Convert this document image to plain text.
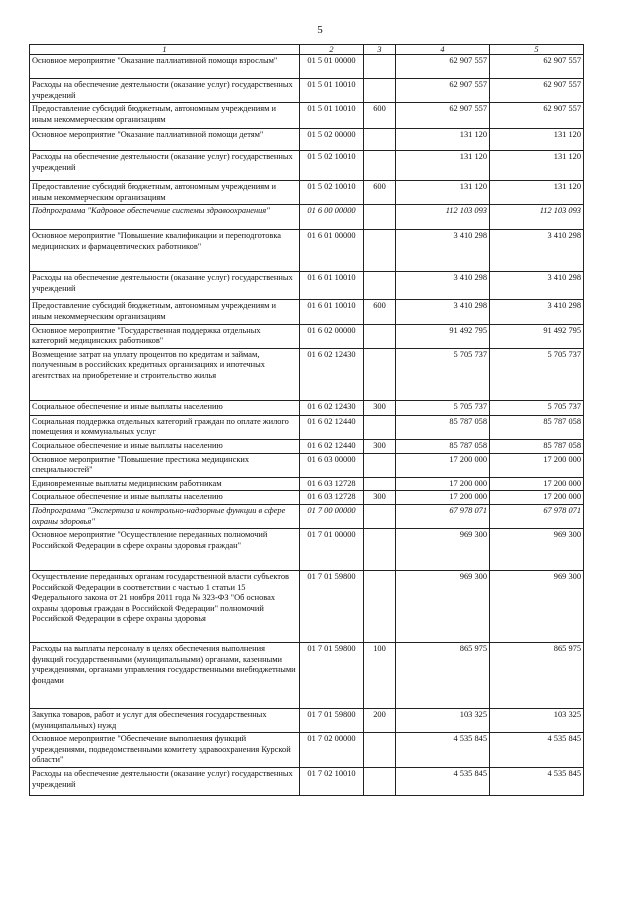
5
1	2	3	4	5
Основное мероприятие "Оказание паллиативной помощи взрослым"	01 5 01 00000		62 907 557	62 907 557
Расходы на обеспечение деятельности (оказание услуг) государственных учреждений	01 5 01 10010		62 907 557	62 907 557
Предоставление субсидий бюджетным, автономным учреждениям и иным некоммерческим организациям	01 5 01 10010	600	62 907 557	62 907 557
Основное мероприятие "Оказание паллиативной помощи детям"	01 5 02 00000		131 120	131 120
Расходы на обеспечение деятельности (оказание услуг) государственных учреждений	01 5 02 10010		131 120	131 120
Предоставление субсидий бюджетным, автономным учреждениям и иным некоммерческим организациям	01 5 02 10010	600	131 120	131 120
Подпрограмма "Кадровое обеспечение системы здравоохранения"	01 6 00 00000		112 103 093	112 103 093
Основное мероприятие "Повышение квалификации и переподготовка медицинских и фармацевтических работников"	01 6 01 00000		3 410 298	3 410 298
Расходы на обеспечение деятельности (оказание услуг) государственных учреждений	01 6 01 10010		3 410 298	3 410 298
Предоставление субсидий бюджетным, автономным учреждениям и иным некоммерческим организациям	01 6 01 10010	600	3 410 298	3 410 298
Основное мероприятие "Государственная поддержка отдельных категорий медицинских работников"	01 6 02 00000		91 492 795	91 492 795
Возмещение затрат на уплату процентов по кредитам и займам, полученным в российских кредитных организациях и ипотечных агентствах на приобретение и строительство жилья	01 6 02 12430		5 705 737	5 705 737
Социальное обеспечение и иные выплаты населению	01 6 02 12430	300	5 705 737	5 705 737
Социальная поддержка отдельных категорий граждан по оплате жилого помещения и коммунальных услуг	01 6 02 12440		85 787 058	85 787 058
Социальное обеспечение и иные выплаты населению	01 6 02 12440	300	85 787 058	85 787 058
Основное мероприятие "Повышение престижа медицинских специальностей"	01 6 03 00000		17 200 000	17 200 000
Единовременные выплаты медицинским работникам	01 6 03 12728		17 200 000	17 200 000
Социальное обеспечение и иные выплаты населению	01 6 03 12728	300	17 200 000	17 200 000
Подпрограмма "Экспертиза и контрольно-надзорные функции в сфере охраны здоровья"	01 7 00 00000		67 978 071	67 978 071
Основное мероприятие "Осуществление переданных полномочий Российской Федерации в сфере охраны здоровья граждан"	01 7 01 00000		969 300	969 300
Осуществление переданных органам государственной власти субъектов Российской Федерации в соответствии с частью 1 статьи 15 Федерального закона от 21 ноября 2011 года № 323-ФЗ "Об основах охраны здоровья граждан в Российской Федерации" полномочий Российской Федерации в сфере охраны здоровья	01 7 01 59800		969 300	969 300
Расходы на выплаты персоналу в целях обеспечения выполнения функций государственными (муниципальными) органами, казенными учреждениями, органами управления государственными внебюджетными фондами	01 7 01 59800	100	865 975	865 975
Закупка товаров, работ и услуг для обеспечения государственных (муниципальных) нужд	01 7 01 59800	200	103 325	103 325
Основное мероприятие "Обеспечение выполнения функций учреждениями, подведомственными комитету здравоохранения Курской области"	01 7 02 00000		4 535 845	4 535 845
Расходы на обеспечение деятельности (оказание услуг) государственных учреждений	01 7 02 10010		4 535 845	4 535 845
